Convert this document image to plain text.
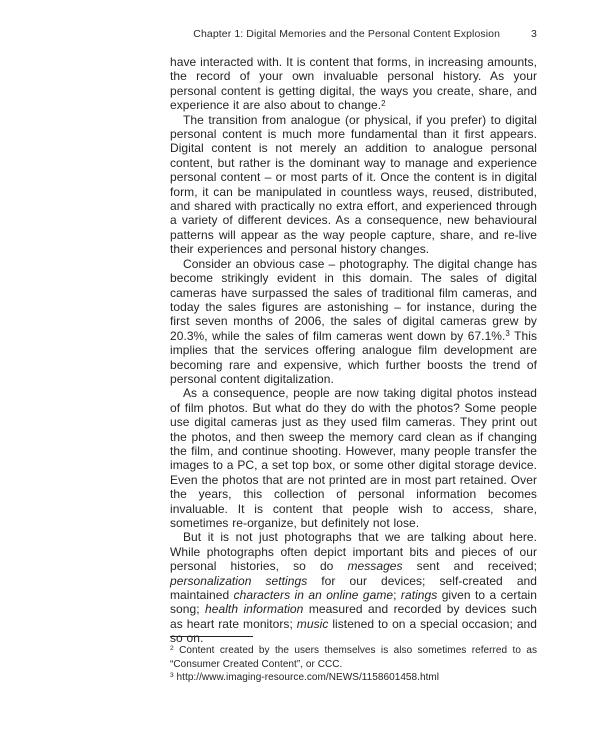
Chapter 1: Digital Memories and the Personal Content Explosion	3

have interacted with. It is content that forms, in increasing amounts, the record of your own invaluable personal history. As your personal content is getting digital, the ways you create, share, and experience it are also about to change.$^2$

The transition from analogue (or physical, if you prefer) to digital personal content is much more fundamental than it first appears. Digital content is not merely an addition to analogue personal content, but rather is the dominant way to manage and experience personal content – or most parts of it. Once the content is in digital form, it can be manipulated in countless ways, reused, distributed, and shared with practically no extra effort, and experienced through a variety of different devices. As a consequence, new behavioural patterns will appear as the way people capture, share, and re-live their experiences and personal history changes.

Consider an obvious case – photography. The digital change has become strikingly evident in this domain. The sales of digital cameras have surpassed the sales of traditional film cameras, and today the sales figures are astonishing – for instance, during the first seven months of 2006, the sales of digital cameras grew by 20.3%, while the sales of film cameras went down by 67.1%.$^3$ This implies that the services offering analogue film development are becoming rare and expensive, which further boosts the trend of personal content digitalization.

As a consequence, people are now taking digital photos instead of film photos. But what do they do with the photos? Some people use digital cameras just as they used film cameras. They print out the photos, and then sweep the memory card clean as if changing the film, and continue shooting. However, many people transfer the images to a PC, a set top box, or some other digital storage device. Even the photos that are not printed are in most part retained. Over the years, this collection of personal information becomes invaluable. It is content that people wish to access, share, sometimes re-organize, but definitely not lose.

But it is not just photographs that we are talking about here. While photographs often depict important bits and pieces of our personal histories, so do messages sent and received; personalization settings for our devices; self-created and maintained characters in an online game; ratings given to a certain song; health information measured and recorded by devices such as heart rate monitors; music listened to on a special occasion; and so on.

$^2$ Content created by the users themselves is also sometimes referred to as “Consumer Created Content”, or CCC.

$^3$ http://www.imaging-resource.com/NEWS/1158601458.html
